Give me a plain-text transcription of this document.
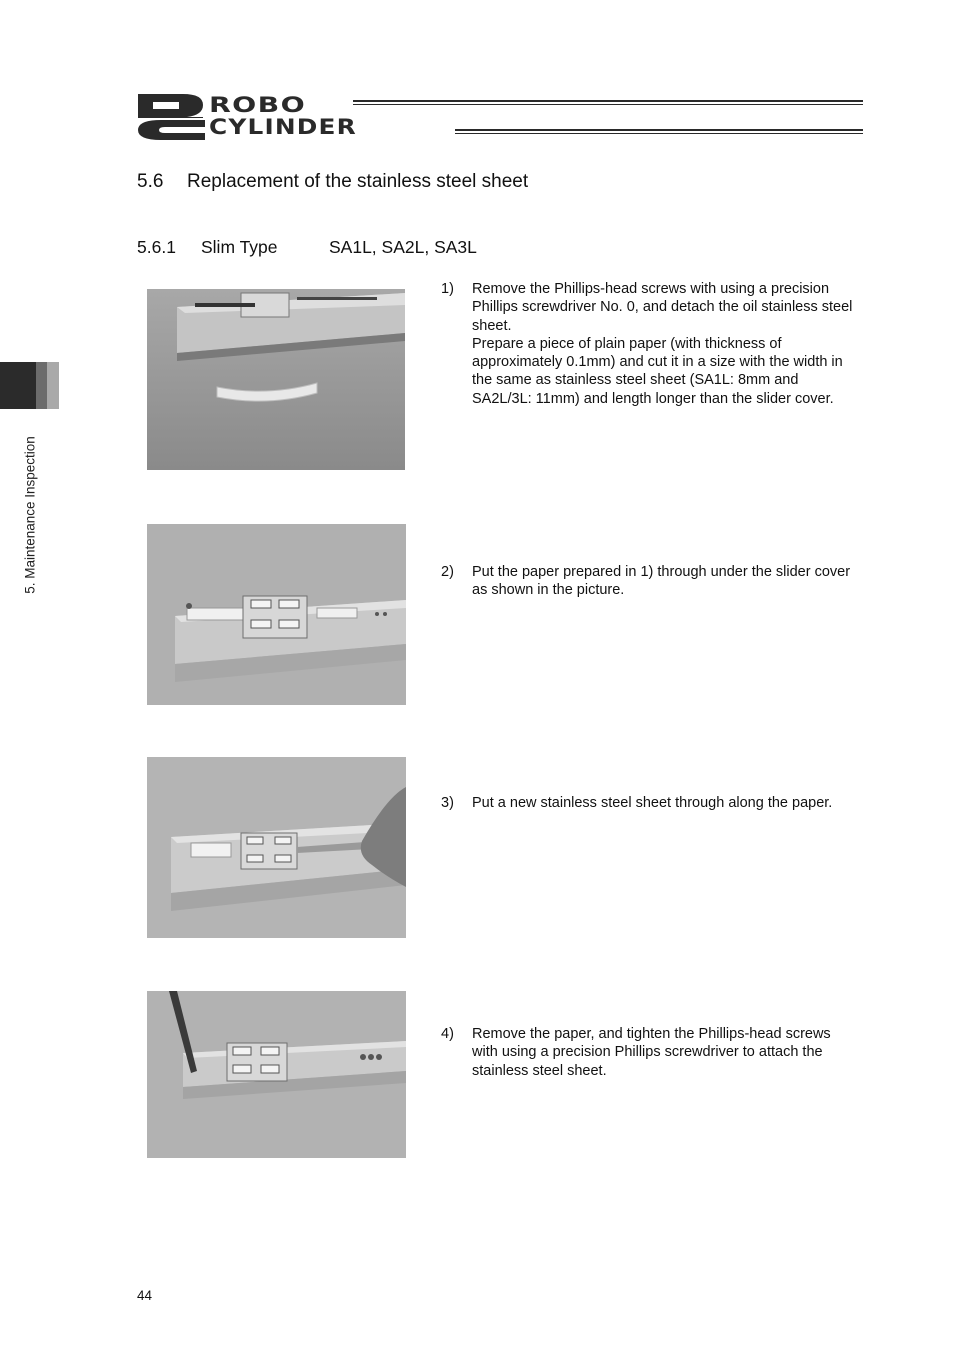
ROBO
CYLINDER
5. Maintenance Inspection
5.6 Replacement of the stainless steel sheet
5.6.1 Slim Type	SA1L, SA2L, SA3L
1)	Remove the Phillips-head screws with using a precision Phillips screwdriver No. 0, and detach the oil stainless steel sheet.

Prepare a piece of plain paper (with thickness of approximately 0.1mm) and cut it in a size with the width in the same as stainless steel sheet (SA1L: 8mm and SA2L/3L: 11mm) and length longer than the slider cover.

2)	Put the paper prepared in 1) through under the slider cover as shown in the picture.

3)	Put a new stainless steel sheet through along the paper.

4)	Remove the paper, and tighten the Phillips-head screws with using a precision Phillips screwdriver to attach the stainless steel sheet.

44
